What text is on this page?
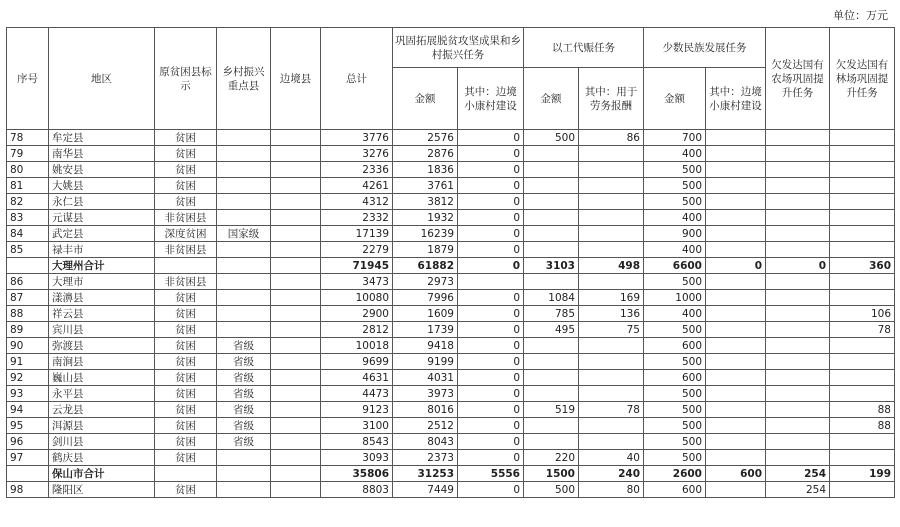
单位：万元
序号	地区	原贫困县标示	乡村振兴重点县	边境县	总计	巩固拓展脱贫攻坚成果和乡村振兴任务		以工代赈任务		少数民族发展任务		欠发达国有农场巩固提升任务	欠发达国有林场巩固提升任务
						金额	其中：边境小康村建设	金额	其中：用于劳务报酬	金额	其中：边境小康村建设		
78	牟定县	贫困			3776	2576	0	500	86	700			
79	南华县	贫困			3276	2876	0			400			
80	姚安县	贫困			2336	1836	0			500			
81	大姚县	贫困			4261	3761	0			500			
82	永仁县	贫困			4312	3812	0			500			
83	元谋县	非贫困县			2332	1932	0			400			
84	武定县	深度贫困	国家级		17139	16239	0			900			
85	禄丰市	非贫困县			2279	1879	0			400			
	大理州合计				71945	61882	0	3103	498	6600	0	0	360
86	大理市	非贫困县			3473	2973				500			
87	漾濞县	贫困			10080	7996	0	1084	169	1000			
88	祥云县	贫困			2900	1609	0	785	136	400			106
89	宾川县	贫困			2812	1739	0	495	75	500			78
90	弥渡县	贫困	省级		10018	9418	0			600			
91	南涧县	贫困	省级		9699	9199	0			500			
92	巍山县	贫困	省级		4631	4031	0			600			
93	永平县	贫困	省级		4473	3973	0			500			
94	云龙县	贫困	省级		9123	8016	0	519	78	500			88
95	洱源县	贫困	省级		3100	2512	0			500			88
96	剑川县	贫困	省级		8543	8043	0			500			
97	鹤庆县	贫困			3093	2373	0	220	40	500			
	保山市合计				35806	31253	5556	1500	240	2600	600	254	199
98	隆阳区	贫困			8803	7449	0	500	80	600		254	
